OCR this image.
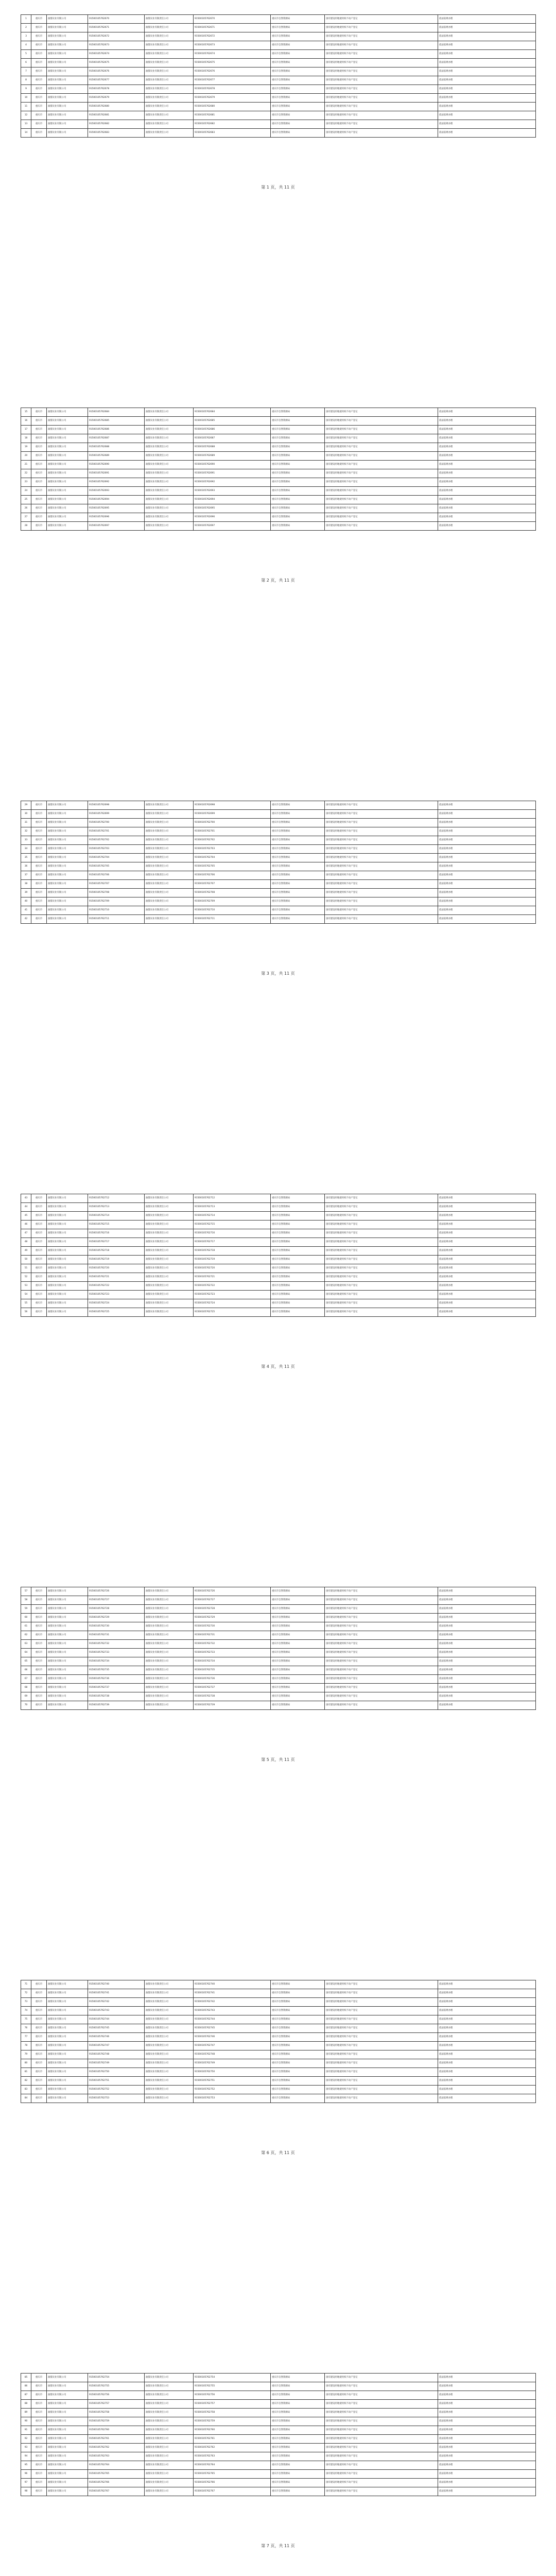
1	重庆市	渝都实业有限公司	91500105762670	渝都实业有限责任公司	91500105762670	重庆市自然资源局	国有建设用地使用权不动产登记	依法依规办理
2	重庆市	渝都实业有限公司	91500105762671	渝都实业有限责任公司	91500105762671	重庆市自然资源局	国有建设用地使用权不动产登记	依法依规办理
3	重庆市	渝都实业有限公司	91500105762672	渝都实业有限责任公司	91500105762672	重庆市自然资源局	国有建设用地使用权不动产登记	依法依规办理
4	重庆市	渝都实业有限公司	91500105762673	渝都实业有限责任公司	91500105762673	重庆市自然资源局	国有建设用地使用权不动产登记	依法依规办理
5	重庆市	渝都实业有限公司	91500105762674	渝都实业有限责任公司	91500105762674	重庆市自然资源局	国有建设用地使用权不动产登记	依法依规办理
6	重庆市	渝都实业有限公司	91500105762675	渝都实业有限责任公司	91500105762675	重庆市自然资源局	国有建设用地使用权不动产登记	依法依规办理
7	重庆市	渝都实业有限公司	91500105762676	渝都实业有限责任公司	91500105762676	重庆市自然资源局	国有建设用地使用权不动产登记	依法依规办理
8	重庆市	渝都实业有限公司	91500105762677	渝都实业有限责任公司	91500105762677	重庆市自然资源局	国有建设用地使用权不动产登记	依法依规办理
9	重庆市	渝都实业有限公司	91500105762678	渝都实业有限责任公司	91500105762678	重庆市自然资源局	国有建设用地使用权不动产登记	依法依规办理
10	重庆市	渝都实业有限公司	91500105762679	渝都实业有限责任公司	91500105762679	重庆市自然资源局	国有建设用地使用权不动产登记	依法依规办理
11	重庆市	渝都实业有限公司	91500105762680	渝都实业有限责任公司	91500105762680	重庆市自然资源局	国有建设用地使用权不动产登记	依法依规办理
12	重庆市	渝都实业有限公司	91500105762681	渝都实业有限责任公司	91500105762681	重庆市自然资源局	国有建设用地使用权不动产登记	依法依规办理
13	重庆市	渝都实业有限公司	91500105762682	渝都实业有限责任公司	91500105762682	重庆市自然资源局	国有建设用地使用权不动产登记	依法依规办理
14	重庆市	渝都实业有限公司	91500105762683	渝都实业有限责任公司	91500105762683	重庆市自然资源局	国有建设用地使用权不动产登记	依法依规办理
第 1 页，共 11 页
15	重庆市	渝都实业有限公司	91500105762684	渝都实业有限责任公司	91500105762684	重庆市自然资源局	国有建设用地使用权不动产登记	依法依规办理
16	重庆市	渝都实业有限公司	91500105762685	渝都实业有限责任公司	91500105762685	重庆市自然资源局	国有建设用地使用权不动产登记	依法依规办理
17	重庆市	渝都实业有限公司	91500105762686	渝都实业有限责任公司	91500105762686	重庆市自然资源局	国有建设用地使用权不动产登记	依法依规办理
18	重庆市	渝都实业有限公司	91500105762687	渝都实业有限责任公司	91500105762687	重庆市自然资源局	国有建设用地使用权不动产登记	依法依规办理
19	重庆市	渝都实业有限公司	91500105762688	渝都实业有限责任公司	91500105762688	重庆市自然资源局	国有建设用地使用权不动产登记	依法依规办理
20	重庆市	渝都实业有限公司	91500105762689	渝都实业有限责任公司	91500105762689	重庆市自然资源局	国有建设用地使用权不动产登记	依法依规办理
21	重庆市	渝都实业有限公司	91500105762690	渝都实业有限责任公司	91500105762690	重庆市自然资源局	国有建设用地使用权不动产登记	依法依规办理
22	重庆市	渝都实业有限公司	91500105762691	渝都实业有限责任公司	91500105762691	重庆市自然资源局	国有建设用地使用权不动产登记	依法依规办理
23	重庆市	渝都实业有限公司	91500105762692	渝都实业有限责任公司	91500105762692	重庆市自然资源局	国有建设用地使用权不动产登记	依法依规办理
24	重庆市	渝都实业有限公司	91500105762693	渝都实业有限责任公司	91500105762693	重庆市自然资源局	国有建设用地使用权不动产登记	依法依规办理
25	重庆市	渝都实业有限公司	91500105762694	渝都实业有限责任公司	91500105762694	重庆市自然资源局	国有建设用地使用权不动产登记	依法依规办理
26	重庆市	渝都实业有限公司	91500105762695	渝都实业有限责任公司	91500105762695	重庆市自然资源局	国有建设用地使用权不动产登记	依法依规办理
27	重庆市	渝都实业有限公司	91500105762696	渝都实业有限责任公司	91500105762696	重庆市自然资源局	国有建设用地使用权不动产登记	依法依规办理
28	重庆市	渝都实业有限公司	91500105762697	渝都实业有限责任公司	91500105762697	重庆市自然资源局	国有建设用地使用权不动产登记	依法依规办理
第 2 页，共 11 页
29	重庆市	渝都实业有限公司	91500105762698	渝都实业有限责任公司	91500105762698	重庆市自然资源局	国有建设用地使用权不动产登记	依法依规办理
30	重庆市	渝都实业有限公司	91500105762699	渝都实业有限责任公司	91500105762699	重庆市自然资源局	国有建设用地使用权不动产登记	依法依规办理
31	重庆市	渝都实业有限公司	91500105762700	渝都实业有限责任公司	91500105762700	重庆市自然资源局	国有建设用地使用权不动产登记	依法依规办理
32	重庆市	渝都实业有限公司	91500105762701	渝都实业有限责任公司	91500105762701	重庆市自然资源局	国有建设用地使用权不动产登记	依法依规办理
33	重庆市	渝都实业有限公司	91500105762702	渝都实业有限责任公司	91500105762702	重庆市自然资源局	国有建设用地使用权不动产登记	依法依规办理
34	重庆市	渝都实业有限公司	91500105762703	渝都实业有限责任公司	91500105762703	重庆市自然资源局	国有建设用地使用权不动产登记	依法依规办理
35	重庆市	渝都实业有限公司	91500105762704	渝都实业有限责任公司	91500105762704	重庆市自然资源局	国有建设用地使用权不动产登记	依法依规办理
36	重庆市	渝都实业有限公司	91500105762705	渝都实业有限责任公司	91500105762705	重庆市自然资源局	国有建设用地使用权不动产登记	依法依规办理
37	重庆市	渝都实业有限公司	91500105762706	渝都实业有限责任公司	91500105762706	重庆市自然资源局	国有建设用地使用权不动产登记	依法依规办理
38	重庆市	渝都实业有限公司	91500105762707	渝都实业有限责任公司	91500105762707	重庆市自然资源局	国有建设用地使用权不动产登记	依法依规办理
39	重庆市	渝都实业有限公司	91500105762708	渝都实业有限责任公司	91500105762708	重庆市自然资源局	国有建设用地使用权不动产登记	依法依规办理
40	重庆市	渝都实业有限公司	91500105762709	渝都实业有限责任公司	91500105762709	重庆市自然资源局	国有建设用地使用权不动产登记	依法依规办理
41	重庆市	渝都实业有限公司	91500105762710	渝都实业有限责任公司	91500105762710	重庆市自然资源局	国有建设用地使用权不动产登记	依法依规办理
42	重庆市	渝都实业有限公司	91500105762711	渝都实业有限责任公司	91500105762711	重庆市自然资源局	国有建设用地使用权不动产登记	依法依规办理
第 3 页，共 11 页
43	重庆市	渝都实业有限公司	91500105762712	渝都实业有限责任公司	91500105762712	重庆市自然资源局	国有建设用地使用权不动产登记	依法依规办理
44	重庆市	渝都实业有限公司	91500105762713	渝都实业有限责任公司	91500105762713	重庆市自然资源局	国有建设用地使用权不动产登记	依法依规办理
45	重庆市	渝都实业有限公司	91500105762714	渝都实业有限责任公司	91500105762714	重庆市自然资源局	国有建设用地使用权不动产登记	依法依规办理
46	重庆市	渝都实业有限公司	91500105762715	渝都实业有限责任公司	91500105762715	重庆市自然资源局	国有建设用地使用权不动产登记	依法依规办理
47	重庆市	渝都实业有限公司	91500105762716	渝都实业有限责任公司	91500105762716	重庆市自然资源局	国有建设用地使用权不动产登记	依法依规办理
48	重庆市	渝都实业有限公司	91500105762717	渝都实业有限责任公司	91500105762717	重庆市自然资源局	国有建设用地使用权不动产登记	依法依规办理
49	重庆市	渝都实业有限公司	91500105762718	渝都实业有限责任公司	91500105762718	重庆市自然资源局	国有建设用地使用权不动产登记	依法依规办理
50	重庆市	渝都实业有限公司	91500105762719	渝都实业有限责任公司	91500105762719	重庆市自然资源局	国有建设用地使用权不动产登记	依法依规办理
51	重庆市	渝都实业有限公司	91500105762720	渝都实业有限责任公司	91500105762720	重庆市自然资源局	国有建设用地使用权不动产登记	依法依规办理
52	重庆市	渝都实业有限公司	91500105762721	渝都实业有限责任公司	91500105762721	重庆市自然资源局	国有建设用地使用权不动产登记	依法依规办理
53	重庆市	渝都实业有限公司	91500105762722	渝都实业有限责任公司	91500105762722	重庆市自然资源局	国有建设用地使用权不动产登记	依法依规办理
54	重庆市	渝都实业有限公司	91500105762723	渝都实业有限责任公司	91500105762723	重庆市自然资源局	国有建设用地使用权不动产登记	依法依规办理
55	重庆市	渝都实业有限公司	91500105762724	渝都实业有限责任公司	91500105762724	重庆市自然资源局	国有建设用地使用权不动产登记	依法依规办理
56	重庆市	渝都实业有限公司	91500105762725	渝都实业有限责任公司	91500105762725	重庆市自然资源局	国有建设用地使用权不动产登记	依法依规办理
第 4 页，共 11 页
57	重庆市	渝都实业有限公司	91500105762726	渝都实业有限责任公司	91500105762726	重庆市自然资源局	国有建设用地使用权不动产登记	依法依规办理
58	重庆市	渝都实业有限公司	91500105762727	渝都实业有限责任公司	91500105762727	重庆市自然资源局	国有建设用地使用权不动产登记	依法依规办理
59	重庆市	渝都实业有限公司	91500105762728	渝都实业有限责任公司	91500105762728	重庆市自然资源局	国有建设用地使用权不动产登记	依法依规办理
60	重庆市	渝都实业有限公司	91500105762729	渝都实业有限责任公司	91500105762729	重庆市自然资源局	国有建设用地使用权不动产登记	依法依规办理
61	重庆市	渝都实业有限公司	91500105762730	渝都实业有限责任公司	91500105762730	重庆市自然资源局	国有建设用地使用权不动产登记	依法依规办理
62	重庆市	渝都实业有限公司	91500105762731	渝都实业有限责任公司	91500105762731	重庆市自然资源局	国有建设用地使用权不动产登记	依法依规办理
63	重庆市	渝都实业有限公司	91500105762732	渝都实业有限责任公司	91500105762732	重庆市自然资源局	国有建设用地使用权不动产登记	依法依规办理
64	重庆市	渝都实业有限公司	91500105762733	渝都实业有限责任公司	91500105762733	重庆市自然资源局	国有建设用地使用权不动产登记	依法依规办理
65	重庆市	渝都实业有限公司	91500105762734	渝都实业有限责任公司	91500105762734	重庆市自然资源局	国有建设用地使用权不动产登记	依法依规办理
66	重庆市	渝都实业有限公司	91500105762735	渝都实业有限责任公司	91500105762735	重庆市自然资源局	国有建设用地使用权不动产登记	依法依规办理
67	重庆市	渝都实业有限公司	91500105762736	渝都实业有限责任公司	91500105762736	重庆市自然资源局	国有建设用地使用权不动产登记	依法依规办理
68	重庆市	渝都实业有限公司	91500105762737	渝都实业有限责任公司	91500105762737	重庆市自然资源局	国有建设用地使用权不动产登记	依法依规办理
69	重庆市	渝都实业有限公司	91500105762738	渝都实业有限责任公司	91500105762738	重庆市自然资源局	国有建设用地使用权不动产登记	依法依规办理
70	重庆市	渝都实业有限公司	91500105762739	渝都实业有限责任公司	91500105762739	重庆市自然资源局	国有建设用地使用权不动产登记	依法依规办理
第 5 页，共 11 页
71	重庆市	渝都实业有限公司	91500105762740	渝都实业有限责任公司	91500105762740	重庆市自然资源局	国有建设用地使用权不动产登记	依法依规办理
72	重庆市	渝都实业有限公司	91500105762741	渝都实业有限责任公司	91500105762741	重庆市自然资源局	国有建设用地使用权不动产登记	依法依规办理
73	重庆市	渝都实业有限公司	91500105762742	渝都实业有限责任公司	91500105762742	重庆市自然资源局	国有建设用地使用权不动产登记	依法依规办理
74	重庆市	渝都实业有限公司	91500105762743	渝都实业有限责任公司	91500105762743	重庆市自然资源局	国有建设用地使用权不动产登记	依法依规办理
75	重庆市	渝都实业有限公司	91500105762744	渝都实业有限责任公司	91500105762744	重庆市自然资源局	国有建设用地使用权不动产登记	依法依规办理
76	重庆市	渝都实业有限公司	91500105762745	渝都实业有限责任公司	91500105762745	重庆市自然资源局	国有建设用地使用权不动产登记	依法依规办理
77	重庆市	渝都实业有限公司	91500105762746	渝都实业有限责任公司	91500105762746	重庆市自然资源局	国有建设用地使用权不动产登记	依法依规办理
78	重庆市	渝都实业有限公司	91500105762747	渝都实业有限责任公司	91500105762747	重庆市自然资源局	国有建设用地使用权不动产登记	依法依规办理
79	重庆市	渝都实业有限公司	91500105762748	渝都实业有限责任公司	91500105762748	重庆市自然资源局	国有建设用地使用权不动产登记	依法依规办理
80	重庆市	渝都实业有限公司	91500105762749	渝都实业有限责任公司	91500105762749	重庆市自然资源局	国有建设用地使用权不动产登记	依法依规办理
81	重庆市	渝都实业有限公司	91500105762750	渝都实业有限责任公司	91500105762750	重庆市自然资源局	国有建设用地使用权不动产登记	依法依规办理
82	重庆市	渝都实业有限公司	91500105762751	渝都实业有限责任公司	91500105762751	重庆市自然资源局	国有建设用地使用权不动产登记	依法依规办理
83	重庆市	渝都实业有限公司	91500105762752	渝都实业有限责任公司	91500105762752	重庆市自然资源局	国有建设用地使用权不动产登记	依法依规办理
84	重庆市	渝都实业有限公司	91500105762753	渝都实业有限责任公司	91500105762753	重庆市自然资源局	国有建设用地使用权不动产登记	依法依规办理
第 6 页，共 11 页
85	重庆市	渝都实业有限公司	91500105762754	渝都实业有限责任公司	91500105762754	重庆市自然资源局	国有建设用地使用权不动产登记	依法依规办理
86	重庆市	渝都实业有限公司	91500105762755	渝都实业有限责任公司	91500105762755	重庆市自然资源局	国有建设用地使用权不动产登记	依法依规办理
87	重庆市	渝都实业有限公司	91500105762756	渝都实业有限责任公司	91500105762756	重庆市自然资源局	国有建设用地使用权不动产登记	依法依规办理
88	重庆市	渝都实业有限公司	91500105762757	渝都实业有限责任公司	91500105762757	重庆市自然资源局	国有建设用地使用权不动产登记	依法依规办理
89	重庆市	渝都实业有限公司	91500105762758	渝都实业有限责任公司	91500105762758	重庆市自然资源局	国有建设用地使用权不动产登记	依法依规办理
90	重庆市	渝都实业有限公司	91500105762759	渝都实业有限责任公司	91500105762759	重庆市自然资源局	国有建设用地使用权不动产登记	依法依规办理
91	重庆市	渝都实业有限公司	91500105762760	渝都实业有限责任公司	91500105762760	重庆市自然资源局	国有建设用地使用权不动产登记	依法依规办理
92	重庆市	渝都实业有限公司	91500105762761	渝都实业有限责任公司	91500105762761	重庆市自然资源局	国有建设用地使用权不动产登记	依法依规办理
93	重庆市	渝都实业有限公司	91500105762762	渝都实业有限责任公司	91500105762762	重庆市自然资源局	国有建设用地使用权不动产登记	依法依规办理
94	重庆市	渝都实业有限公司	91500105762763	渝都实业有限责任公司	91500105762763	重庆市自然资源局	国有建设用地使用权不动产登记	依法依规办理
95	重庆市	渝都实业有限公司	91500105762764	渝都实业有限责任公司	91500105762764	重庆市自然资源局	国有建设用地使用权不动产登记	依法依规办理
96	重庆市	渝都实业有限公司	91500105762765	渝都实业有限责任公司	91500105762765	重庆市自然资源局	国有建设用地使用权不动产登记	依法依规办理
97	重庆市	渝都实业有限公司	91500105762766	渝都实业有限责任公司	91500105762766	重庆市自然资源局	国有建设用地使用权不动产登记	依法依规办理
98	重庆市	渝都实业有限公司	91500105762767	渝都实业有限责任公司	91500105762767	重庆市自然资源局	国有建设用地使用权不动产登记	依法依规办理
第 7 页，共 11 页
